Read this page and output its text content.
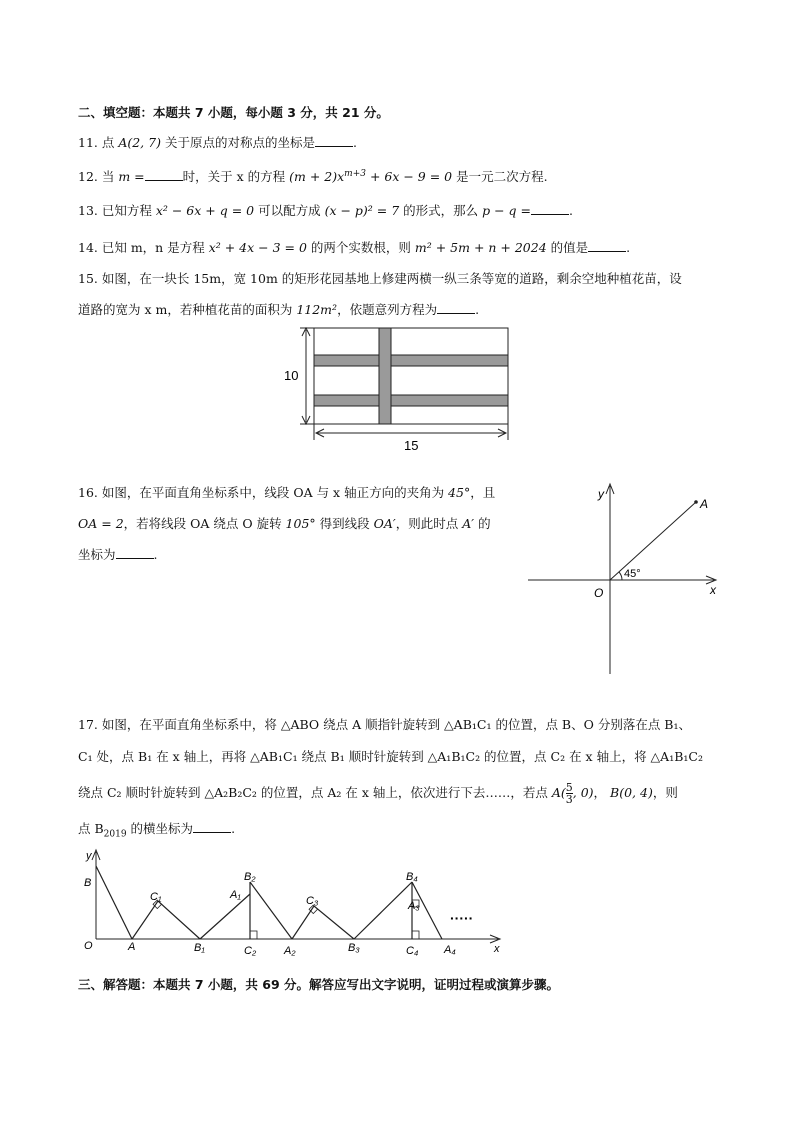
二、填空题：本题共 7 小题，每小题 3 分，共 21 分。
11. 点 A(2, 7) 关于原点的对称点的坐标是	.
12. 当 m =	时，关于 x 的方程 $(m + 2)x^{m+3} + 6x - 9 = 0$ 是一元二次方程.
13. 已知方程 x² − 6x + q = 0 可以配方成 (x − p)² = 7 的形式，那么 p − q =	.
14. 已知 m，n 是方程 x² + 4x − 3 = 0 的两个实数根，则 m² + 5m + n + 2024 的值是	.
15. 如图，在一块长 15m，宽 10m 的矩形花园基地上修建两横一纵三条等宽的道路，剩余空地种植花苗，设
道路的宽为 x m，若种植花苗的面积为 112m²，依题意列方程为	.
10
15
16. 如图，在平面直角坐标系中，线段 OA 与 x 轴正方向的夹角为 45°，且
OA = 2，若将线段 OA 绕点 O 旋转 105° 得到线段 OA′，则此时点 A′ 的
坐标为	.
A
y
x
O
45°
17. 如图，在平面直角坐标系中，将 △ABO 绕点 A 顺指针旋转到 △AB₁C₁ 的位置，点 B、O 分别落在点 B₁、
C₁ 处，点 B₁ 在 x 轴上，再将 △AB₁C₁ 绕点 B₁ 顺时针旋转到 △A₁B₁C₂ 的位置，点 C₂ 在 x 轴上，将 △A₁B₁C₂
绕点 C₂ 顺时针旋转到 △A₂B₂C₂ 的位置，点 A₂ 在 x 轴上，依次进行下去……，若点 $A( \frac{5}{3}$ , 0)， B(0, 4)，则
点 $B_{2019}$ 的横坐标为	.
y
B
O	A
C₁
B₁
A₁
B₂
C₂	A₂
C₃
B₃
B₄
A₃
C₄ A₄
·····
x
三、解答题：本题共 7 小题，共 69 分。解答应写出文字说明，证明过程或演算步骤。
